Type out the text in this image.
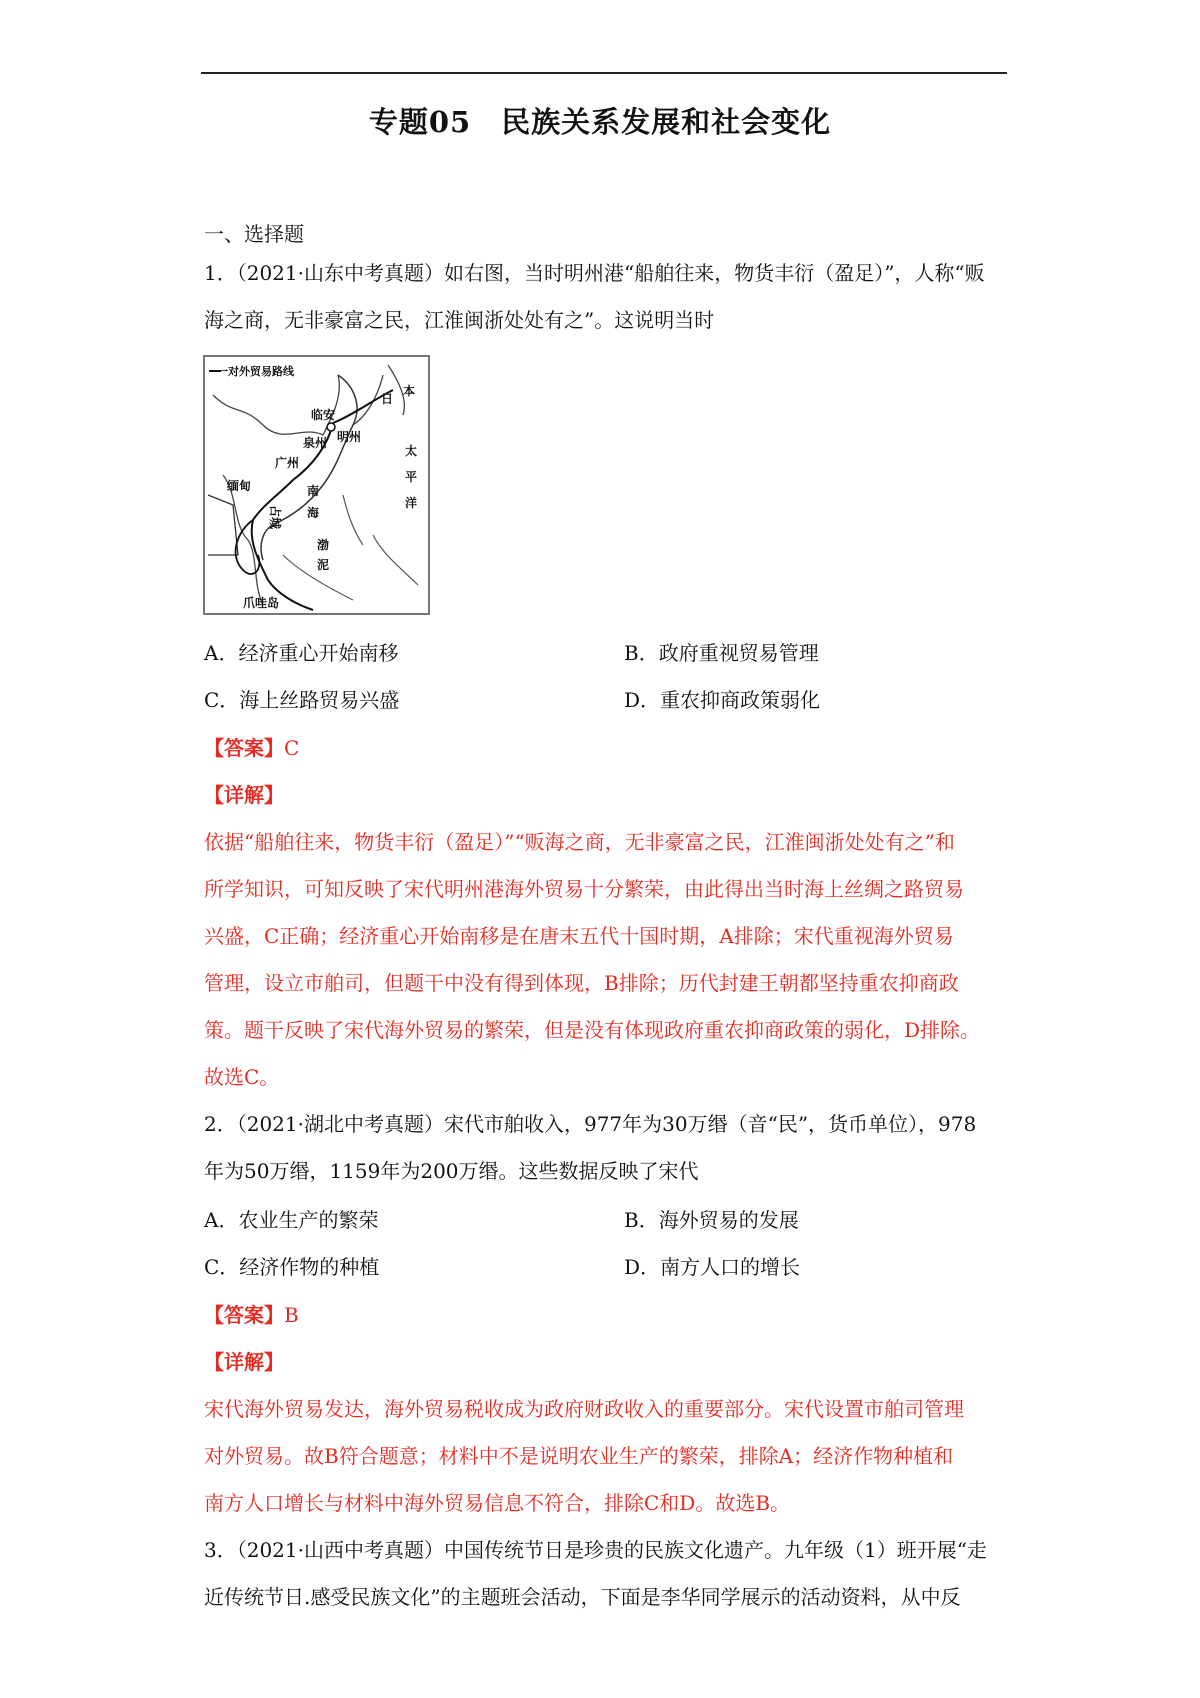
专题05　民族关系发展和社会变化
一、选择题
1．（2021·山东中考真题）如右图，当时明州港“船舶往来，物货丰衍（盈足）”，人称“贩
海之商，无非豪富之民，江淮闽浙处处有之”。这说明当时
一对外贸易路线
临安
明州
泉州
广州
日
本
太
平
洋
缅甸
占城
南
海
渤
泥
爪哇岛
A．经济重心开始南移	B．政府重视贸易管理
C．海上丝路贸易兴盛	D．重农抑商政策弱化
【答案】C
【详解】
依据“船舶往来，物货丰衍（盈足）”“贩海之商，无非豪富之民，江淮闽浙处处有之”和
所学知识，可知反映了宋代明州港海外贸易十分繁荣，由此得出当时海上丝绸之路贸易
兴盛，C正确；经济重心开始南移是在唐末五代十国时期，A排除；宋代重视海外贸易
管理，设立市舶司，但题干中没有得到体现，B排除；历代封建王朝都坚持重农抑商政
策。题干反映了宋代海外贸易的繁荣，但是没有体现政府重农抑商政策的弱化，D排除。
故选C。
2．（2021·湖北中考真题）宋代市舶收入，977年为30万缗（音“民”，货币单位），978
年为50万缗，1159年为200万缗。这些数据反映了宋代
A．农业生产的繁荣	B．海外贸易的发展
C．经济作物的种植	D．南方人口的增长
【答案】B
【详解】
宋代海外贸易发达，海外贸易税收成为政府财政收入的重要部分。宋代设置市舶司管理
对外贸易。故B符合题意；材料中不是说明农业生产的繁荣，排除A；经济作物种植和
南方人口增长与材料中海外贸易信息不符合，排除C和D。故选B。
3．（2021·山西中考真题）中国传统节日是珍贵的民族文化遗产。九年级（1）班开展“走
近传统节日.感受民族文化”的主题班会活动，下面是李华同学展示的活动资料，从中反
